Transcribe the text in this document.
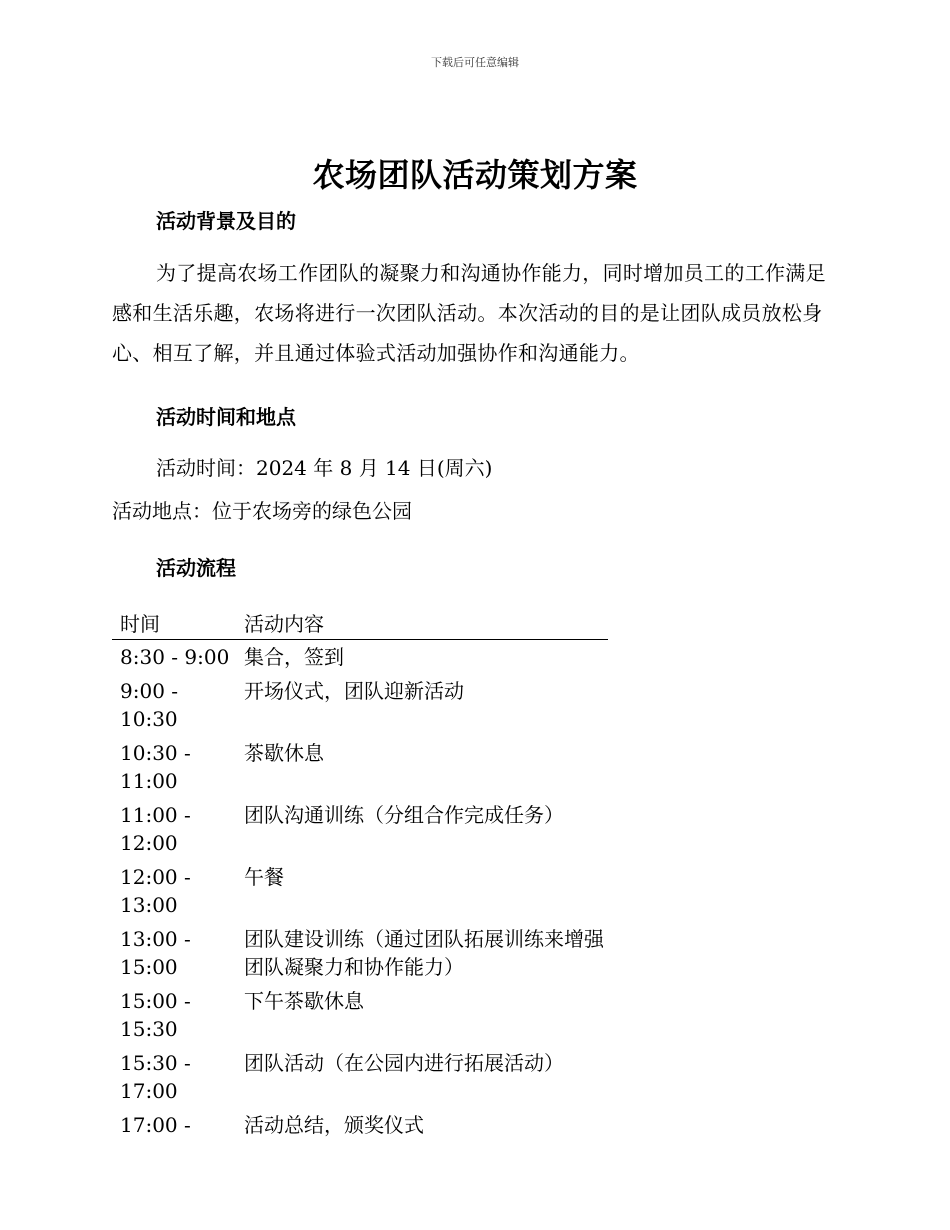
下载后可任意编辑
农场团队活动策划方案
活动背景及目的

为了提高农场工作团队的凝聚力和沟通协作能力，同时增加员工的工作满足感和生活乐趣，农场将进行一次团队活动。本次活动的目的是让团队成员放松身心、相互了解，并且通过体验式活动加强协作和沟通能力。

活动时间和地点
活动时间：2024 年 8 月 14 日(周六)
活动地点：位于农场旁的绿色公园
活动流程
时间	活动内容
8:30 - 9:00	集合，签到
9:00 - 10:30	开场仪式，团队迎新活动
10:30 - 11:00	茶歇休息
11:00 - 12:00	团队沟通训练（分组合作完成任务）
12:00 - 13:00	午餐
13:00 - 15:00	团队建设训练（通过团队拓展训练来增强团队凝聚力和协作能力）
15:00 - 15:30	下午茶歇休息
15:30 - 17:00	团队活动（在公园内进行拓展活动）
17:00 -	活动总结，颁奖仪式
